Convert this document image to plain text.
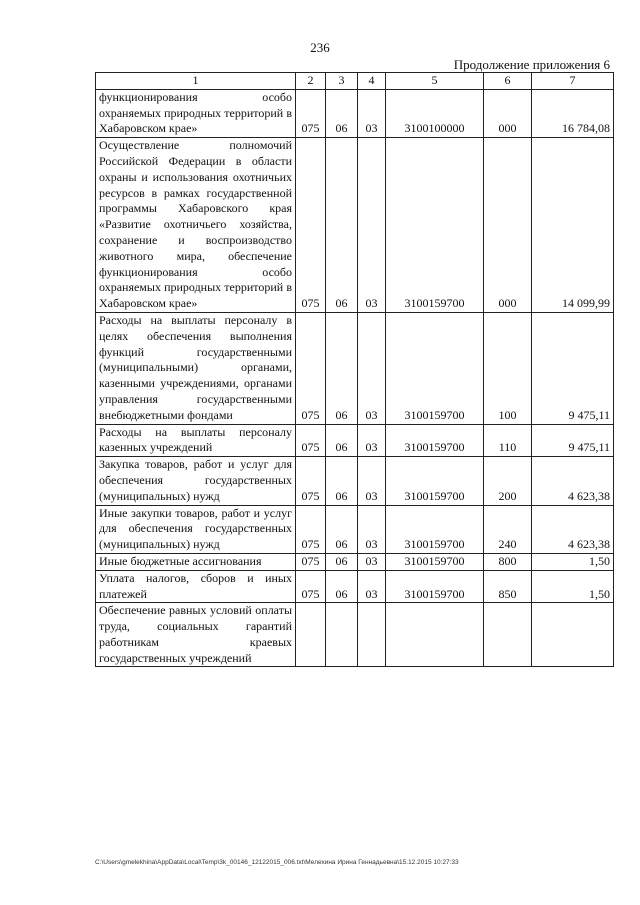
236
Продолжение приложения 6
1	2	3	4	5	6	7
функционирования особо охраняемых природных территорий в Хабаровском крае»	075	06	03	3100100000	000	16 784,08
Осуществление полномочий Российской Федерации в области охраны и использования охотничьих ресурсов в рамках государственной программы Хабаровского края «Развитие охотничьего хозяйства, сохранение и воспроизводство животного мира, обеспечение функционирования особо охраняемых природных территорий в Хабаровском крае»	075	06	03	3100159700	000	14 099,99
Расходы на выплаты персоналу в целях обеспечения выполнения функций государственными (муниципальными) органами, казенными учреждениями, органами управления государственными внебюджетными фондами	075	06	03	3100159700	100	9 475,11
Расходы на выплаты персоналу казенных учреждений	075	06	03	3100159700	110	9 475,11
Закупка товаров, работ и услуг для обеспечения государственных (муниципальных) нужд	075	06	03	3100159700	200	4 623,38
Иные закупки товаров, работ и услуг для обеспечения государственных (муниципальных) нужд	075	06	03	3100159700	240	4 623,38
Иные бюджетные ассигнования	075	06	03	3100159700	800	1,50
Уплата налогов, сборов и иных платежей	075	06	03	3100159700	850	1,50
Обеспечение равных условий оплаты труда, социальных гарантий работникам краевых государственных учреждений						
C:\Users\gmelekhina\AppData\Local\Temp\3k_00146_12122015_006.txt\Мелехина Ирина Геннадьевна\15.12.2015 10:27:33
